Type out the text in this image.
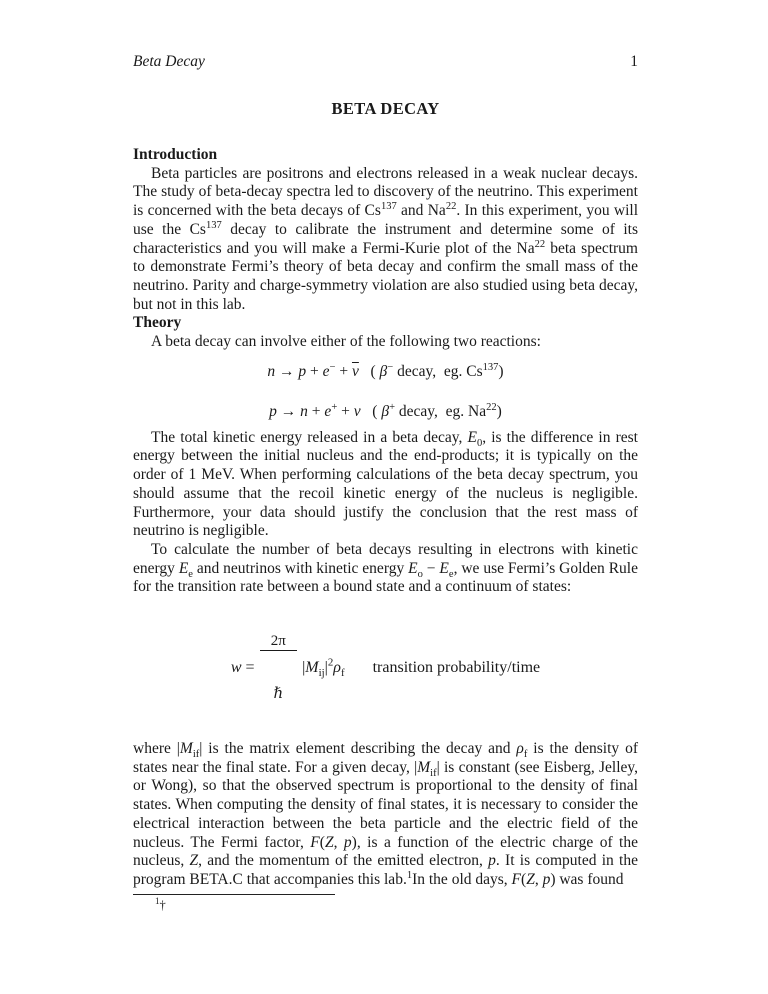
Beta Decay	1
BETA DECAY
Introduction

Beta particles are positrons and electrons released in a weak nuclear decays. The study of beta-decay spectra led to discovery of the neutrino. This experiment is concerned with the beta decays of Cs$^{137}$ and Na$^{22}$. In this experiment, you will use the Cs$^{137}$ decay to calibrate the instrument and determine some of its characteristics and you will make a Fermi-Kurie plot of the Na$^{22}$ beta spectrum to demonstrate Fermi’s theory of beta decay and confirm the small mass of the neutrino. Parity and charge-symmetry violation are also studied using beta decay, but not in this lab.

Theory

A beta decay can involve either of the following two reactions:

$n \to p + e^- + \overline{\nu}$   ( β− decay,  eg. Cs$^{137}$)
p → n + e+ + ν   ( β+ decay,  eg. Na$^{22}$)

The total kinetic energy released in a beta decay, $E_0$, is the difference in rest energy between the initial nucleus and the end-products; it is typically on the order of 1 MeV. When performing calculations of the beta decay spectrum, you should assume that the recoil kinetic energy of the nucleus is negligible. Furthermore, your data should justify the conclusion that the rest mass of neutrino is negligible.

To calculate the number of beta decays resulting in electrons with kinetic energy $E_e$ and neutrinos with kinetic energy $E_o - E_e$, we use Fermi’s Golden Rule for the transition rate between a bound state and a continuum of states:

w =

$\frac{2\pi}{\text{ℏ}}$

$|M_{ij}|^2\rho_f$ transition probability/time

where $|M_{if}|$ is the matrix element describing the decay and $\rho_f$ is the density of states near the final state. For a given decay, $|M_{if}|$ is constant (see Eisberg, Jelley, or Wong), so that the observed spectrum is proportional to the density of final states. When computing the density of final states, it is necessary to consider the electrical interaction between the beta particle and the electric field of the nucleus. The Fermi factor, F(Z, p), is a function of the electric charge of the nucleus, Z, and the momentum of the emitted electron, p. It is computed in the program BETA.C that accompanies this lab.$^1$In the old days, F(Z, p) was found

$^1$†
